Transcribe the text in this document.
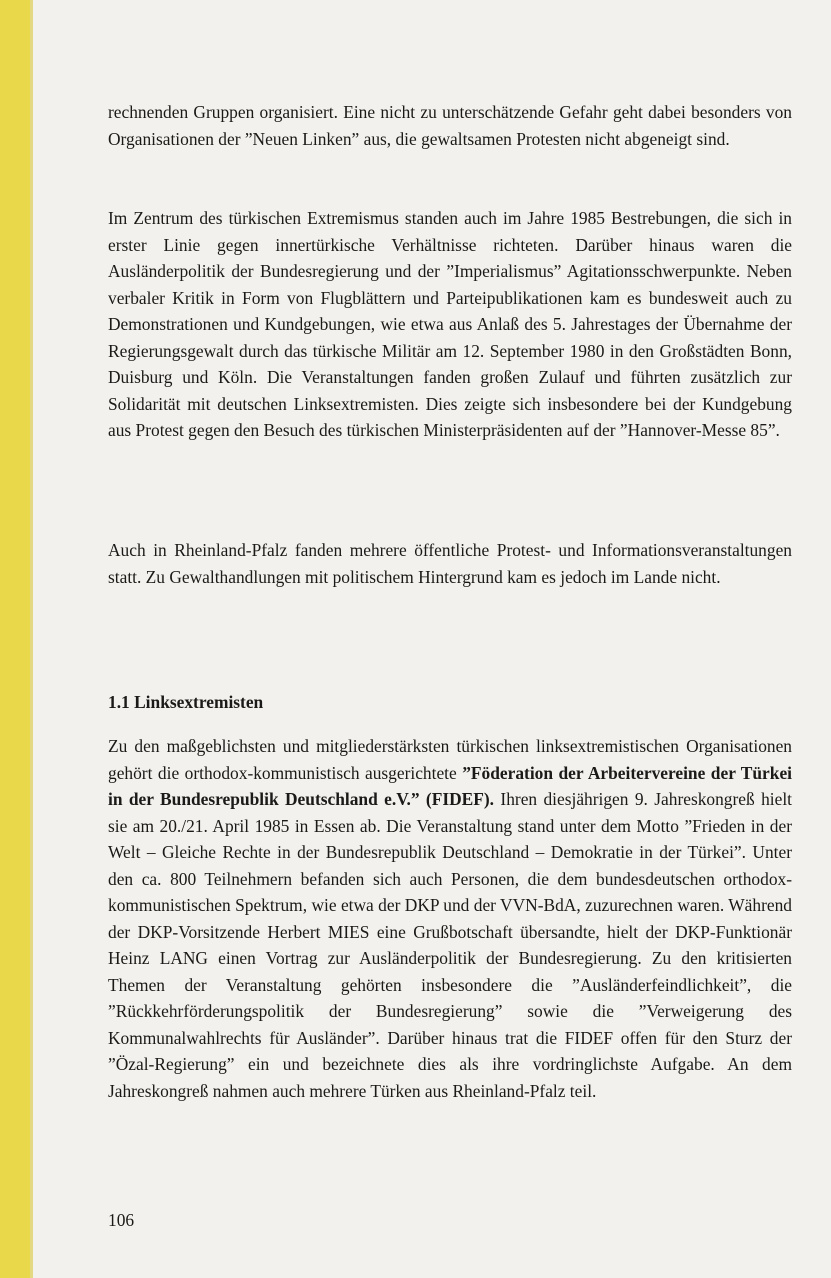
rechnenden Gruppen organisiert. Eine nicht zu unterschätzende Gefahr geht dabei besonders von Organisationen der ”Neuen Linken” aus, die gewaltsamen Protesten nicht abgeneigt sind.

Im Zentrum des türkischen Extremismus standen auch im Jahre 1985 Bestrebungen, die sich in erster Linie gegen innertürkische Verhältnisse richteten. Darüber hinaus waren die Ausländerpolitik der Bundesregierung und der ”Imperialismus” Agitationsschwerpunkte. Neben verbaler Kritik in Form von Flugblättern und Parteipublikationen kam es bundesweit auch zu Demonstrationen und Kundgebungen, wie etwa aus Anlaß des 5. Jahrestages der Übernahme der Regierungsgewalt durch das türkische Militär am 12. September 1980 in den Großstädten Bonn, Duisburg und Köln. Die Veranstaltungen fanden großen Zulauf und führten zusätzlich zur Solidarität mit deutschen Linksextremisten. Dies zeigte sich insbesondere bei der Kundgebung aus Protest gegen den Besuch des türkischen Ministerpräsidenten auf der ”Hannover-Messe 85”.

Auch in Rheinland-Pfalz fanden mehrere öffentliche Protest- und Informationsveranstaltungen statt. Zu Gewalthandlungen mit politischem Hintergrund kam es jedoch im Lande nicht.

1.1 Linksextremisten

Zu den maßgeblichsten und mitgliederstärksten türkischen linksextremistischen Organisationen gehört die orthodox-kommunistisch ausgerichtete ”Föderation der Arbeitervereine der Türkei in der Bundesrepublik Deutschland e.V.” (FIDEF). Ihren diesjährigen 9. Jahreskongreß hielt sie am 20./21. April 1985 in Essen ab. Die Veranstaltung stand unter dem Motto ”Frieden in der Welt – Gleiche Rechte in der Bundesrepublik Deutschland – Demokratie in der Türkei”. Unter den ca. 800 Teilnehmern befanden sich auch Personen, die dem bundesdeutschen orthodox-kommunistischen Spektrum, wie etwa der DKP und der VVN-BdA, zuzurechnen waren. Während der DKP-Vorsitzende Herbert MIES eine Grußbotschaft übersandte, hielt der DKP-Funktionär Heinz LANG einen Vortrag zur Ausländerpolitik der Bundesregierung. Zu den kritisierten Themen der Veranstaltung gehörten insbesondere die ”Ausländerfeindlichkeit”, die ”Rückkehrförderungspolitik der Bundesregierung” sowie die ”Verweigerung des Kommunalwahlrechts für Ausländer”. Darüber hinaus trat die FIDEF offen für den Sturz der ”Özal-Regierung” ein und bezeichnete dies als ihre vordringlichste Aufgabe. An dem Jahreskongreß nahmen auch mehrere Türken aus Rheinland-Pfalz teil.

106
